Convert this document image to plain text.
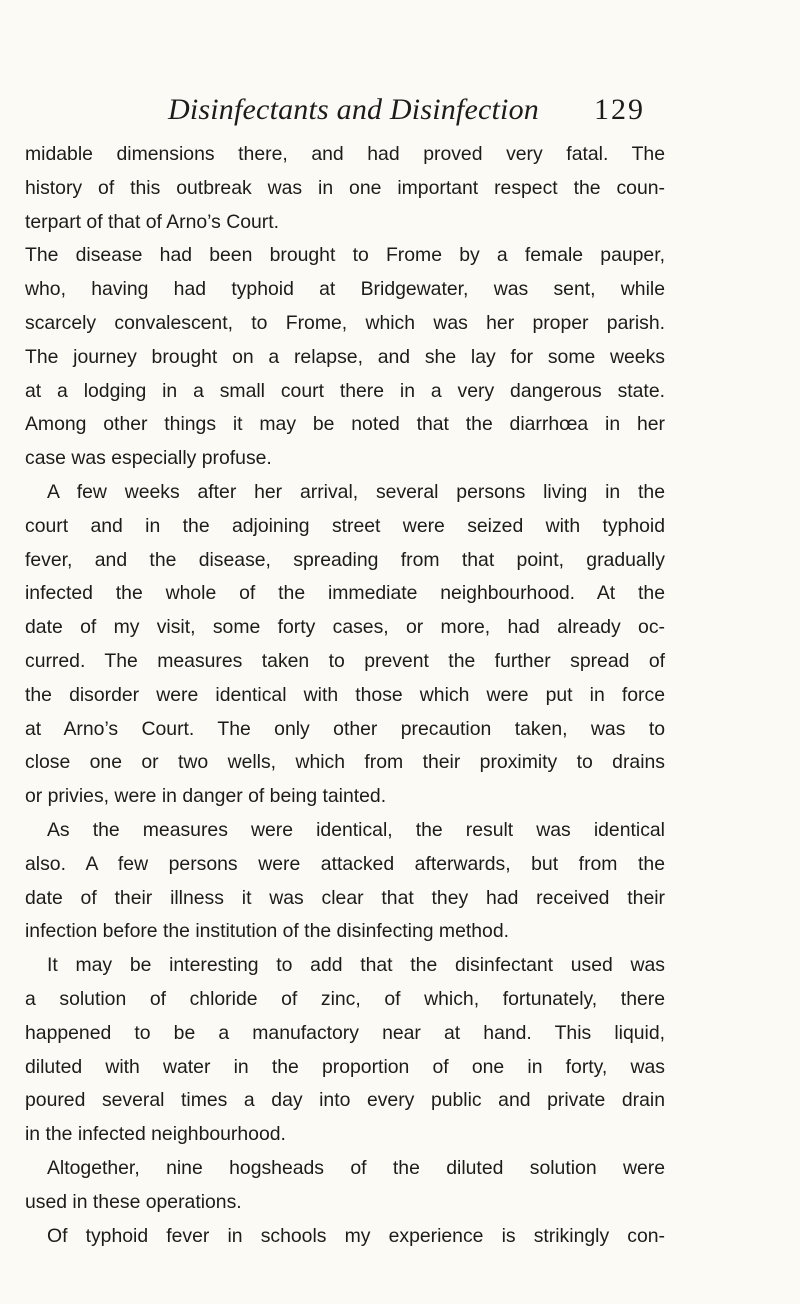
Disinfectants and Disinfection 129
midable dimensions there, and had proved very fatal. The
history of this outbreak was in one important respect the coun-
terpart of that of Arno’s Court.
The disease had been brought to Frome by a female pauper,
who, having had typhoid at Bridgewater, was sent, while
scarcely convalescent, to Frome, which was her proper parish.
The journey brought on a relapse, and she lay for some weeks
at a lodging in a small court there in a very dangerous state.
Among other things it may be noted that the diarrhœa in her
case was especially profuse.
A few weeks after her arrival, several persons living in the
court and in the adjoining street were seized with typhoid
fever, and the disease, spreading from that point, gradually
infected the whole of the immediate neighbourhood. At the
date of my visit, some forty cases, or more, had already oc-
curred. The measures taken to prevent the further spread of
the disorder were identical with those which were put in force
at Arno’s Court. The only other precaution taken, was to
close one or two wells, which from their proximity to drains
or privies, were in danger of being tainted.
As the measures were identical, the result was identical
also. A few persons were attacked afterwards, but from the
date of their illness it was clear that they had received their
infection before the institution of the disinfecting method.
It may be interesting to add that the disinfectant used was
a solution of chloride of zinc, of which, fortunately, there
happened to be a manufactory near at hand. This liquid,
diluted with water in the proportion of one in forty, was
poured several times a day into every public and private drain
in the infected neighbourhood.
Altogether, nine hogsheads of the diluted solution were
used in these operations.
Of typhoid fever in schools my experience is strikingly con-
